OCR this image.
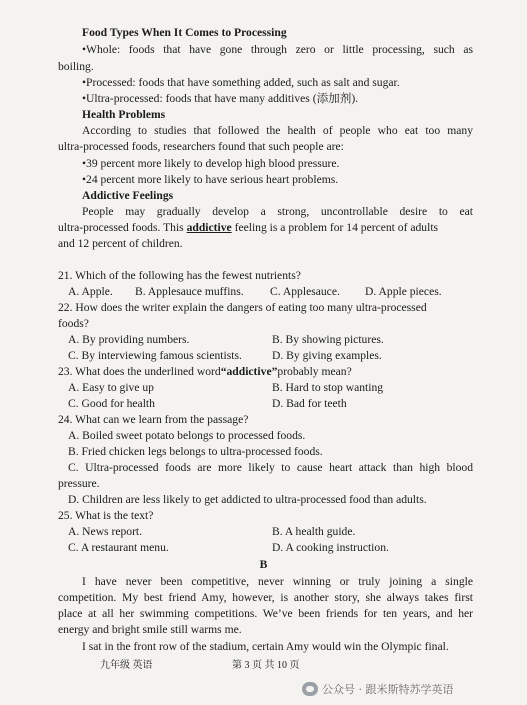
Food Types When It Comes to Processing
•Whole: foods that have gone through zero or little processing, such as
boiling.
•Processed: foods that have something added, such as salt and sugar.
•Ultra-processed: foods that have many additives (添加剂).
Health Problems
According to studies that followed the health of people who eat too many
ultra-processed foods, researchers found that such people are:
•39 percent more likely to develop high blood pressure.
•24 percent more likely to have serious heart problems.
Addictive Feelings
People may gradually develop a strong, uncontrollable desire to eat
ultra-processed foods. This addictive feeling is a problem for 14 percent of adults
and 12 percent of children.
21. Which of the following has the fewest nutrients?
A. Apple. B. Applesauce muffins. C. Applesauce. D. Apple pieces.
22. How does the writer explain the dangers of eating too many ultra-processed
foods?
A. By providing numbers.	B. By showing pictures.
C. By interviewing famous scientists.	D. By giving examples.
23. What does the underlined word“addictive”probably mean?
A. Easy to give up	B. Hard to stop wanting
C. Good for health	D. Bad for teeth
24. What can we learn from the passage?
A. Boiled sweet potato belongs to processed foods.
B. Fried chicken legs belongs to ultra-processed foods.
C. Ultra-processed foods are more likely to cause heart attack than high blood
pressure.
D. Children are less likely to get addicted to ultra-processed food than adults.
25. What is the text?
A. News report.	B. A health guide.
C. A restaurant menu.	D. A cooking instruction.
B
I have never been competitive, never winning or truly joining a single
competition. My best friend Amy, however, is another story, she always takes first
place at all her swimming competitions. We’ve been friends for ten years, and her
energy and bright smile still warms me.
I sat in the front row of the stadium, certain Amy would win the Olympic final.
九年级 英语	第 3 页 共 10 页
公众号 · 跟米斯特苏学英语
